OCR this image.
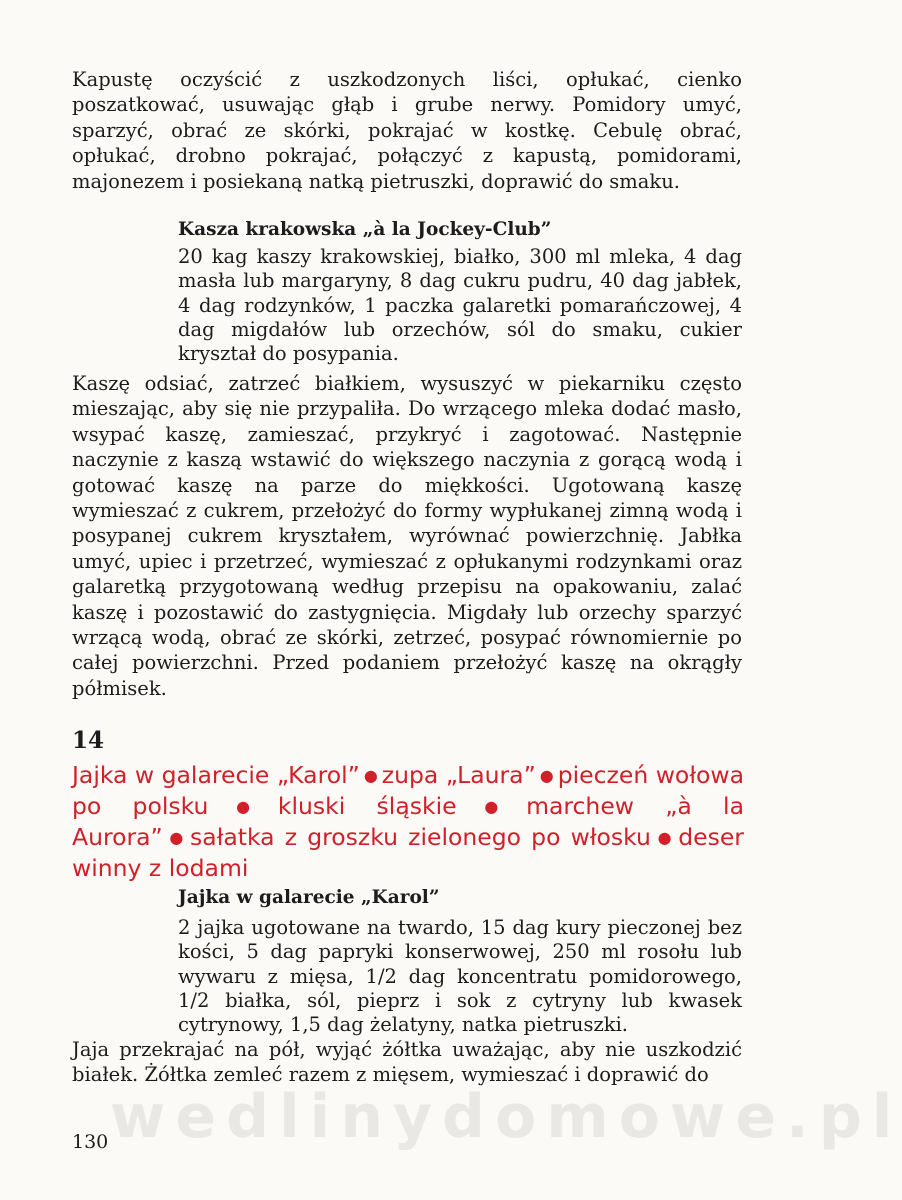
Kapustę oczyścić z uszkodzonych liści, opłukać, cienko poszatkować, usuwając głąb i grube nerwy. Pomidory umyć, sparzyć, obrać ze skórki, pokrajać w kostkę. Cebulę obrać, opłukać, drobno pokrajać, połączyć z kapustą, pomidorami, majonezem i posiekaną natką pietruszki, doprawić do smaku.

Kasza krakowska „à la Jockey-Club”

20 kag kaszy krakowskiej, białko, 300 ml mleka, 4 dag masła lub margaryny, 8 dag cukru pudru, 40 dag jabłek, 4 dag rodzynków, 1 paczka galaretki pomarańczowej, 4 dag migdałów lub orzechów, sól do smaku, cukier kryształ do posypania.

Kaszę odsiać, zatrzeć białkiem, wysuszyć w piekarniku często mieszając, aby się nie przypaliła. Do wrzącego mleka dodać masło, wsypać kaszę, zamieszać, przykryć i zagotować. Następnie naczynie z kaszą wstawić do większego naczynia z gorącą wodą i gotować kaszę na parze do miękkości. Ugotowaną kaszę wymieszać z cukrem, przełożyć do formy wypłukanej zimną wodą i posypanej cukrem kryształem, wyrównać powierzchnię. Jabłka umyć, upiec i przetrzeć, wymieszać z opłukanymi rodzynkami oraz galaretką przygotowaną według przepisu na opakowaniu, zalać kaszę i pozostawić do zastygnięcia. Migdały lub orzechy sparzyć wrzącą wodą, obrać ze skórki, zetrzeć, posypać równomiernie po całej powierzchni. Przed podaniem przełożyć kaszę na okrągły półmisek.

14

Jajka w galarecie „Karol” ● zupa „Laura” ● pieczeń wołowa po polsku ● kluski śląskie ● marchew „à la Aurora” ● sałatka z groszku zielonego po włosku ● deser winny z lodami

Jajka w galarecie „Karol”

2 jajka ugotowane na twardo, 15 dag kury pieczonej bez kości, 5 dag papryki konserwowej, 250 ml rosołu lub wywaru z mięsa, 1/2 dag koncentratu pomidorowego, 1/2 białka, sól, pieprz i sok z cytryny lub kwasek cytrynowy, 1,5 dag żelatyny, natka pietruszki.

Jaja przekrajać na pół, wyjąć żółtka uważając, aby nie uszkodzić białek. Żółtka zemleć razem z mięsem, wymieszać i doprawić do

wedlinydomowe.pl

130
